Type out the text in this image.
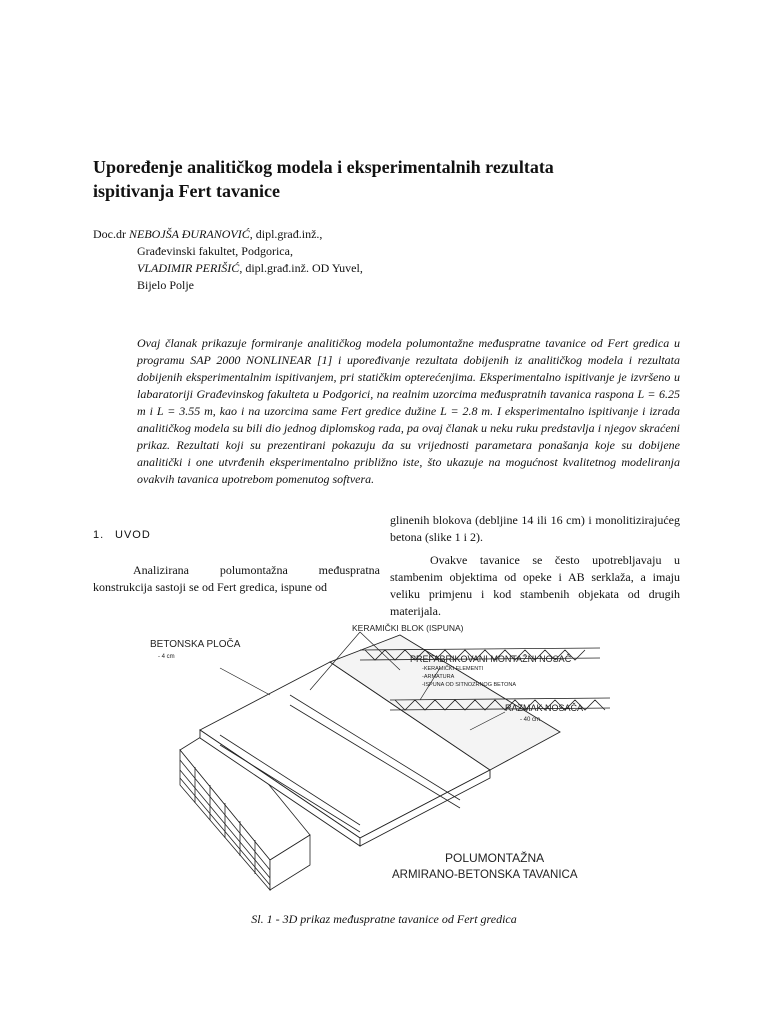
Upoređenje analitičkog modela i eksperimentalnih rezultata
ispitivanja Fert tavanice
Doc.dr NEBOJŠA ĐURANOVIĆ, dipl.građ.inž.,
Građevinski fakultet, Podgorica,
VLADIMIR PERIŠIĆ, dipl.građ.inž. OD Yuvel,
Bijelo Polje

Ovaj članak prikazuje formiranje analitičkog modela polumontažne međuspratne tavanice od Fert gredica u programu SAP 2000 NONLINEAR [1] i upoređivanje rezultata dobijenih iz analitičkog modela i rezultata dobijenih eksperimentalnim ispitivanjem, pri statičkim opterećenjima. Eksperimentalno ispitivanje je izvršeno u labaratoriji Građevinskog fakulteta u Podgorici, na realnim uzorcima međuspratnih tavanica raspona L = 6.25 m i L = 3.55 m, kao i na uzorcima same Fert gredice dužine L = 2.8 m. I eksperimentalno ispitivanje i izrada analitičkog modela su bili dio jednog diplomskog rada, pa ovaj članak u neku ruku predstavlja i njegov skraćeni prikaz. Rezultati koji su prezentirani pokazuju da su vrijednosti parametara ponašanja koje su dobijene analitički i one utvrđenih eksperimentalno približno iste, što ukazuje na mogućnost kvalitetnog modeliranja ovakvih tavanica upotrebom pomenutog softvera.

1. UVOD

Analizirana polumontažna međuspratna konstrukcija sastoji se od Fert gredica, ispune od

glinenih blokova (debljine 14 ili 16 cm) i monolitizirajućeg betona (slike 1 i 2).

Ovakve tavanice se često upotrebljavaju u stambenim objektima od opeke i AB serklaža, a imaju veliku primjenu i kod stambenih objekata od drugih materijala.

BETONSKA PLOČA
- 4 cm
KERAMIČKI BLOK (ISPUNA)
PREFABRIKOVANI MONTAŽNI NOSAČ
-KERAMIČKI ELEMENTI
-ARMATURA
-ISPUNA OD SITNOZRNOG BETONA
RAZMAK NOSAČA
- 40 cm
POLUMONTAŽNA
ARMIRANO-BETONSKA TAVANICA
Sl. 1 - 3D prikaz međuspratne tavanice od Fert gredica
